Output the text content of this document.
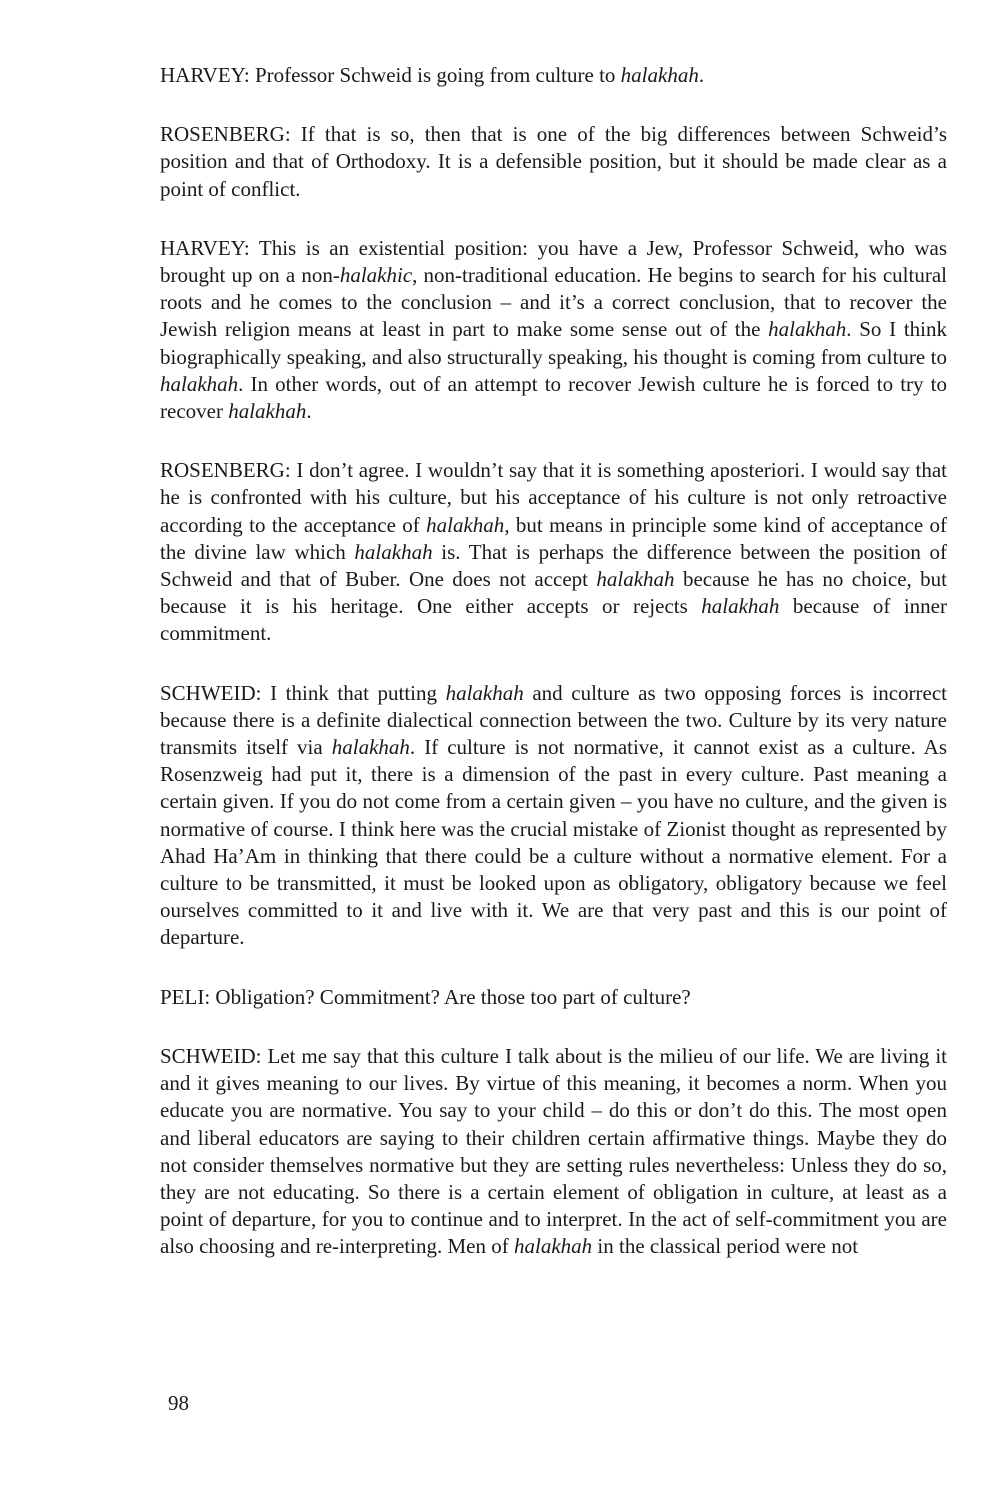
HARVEY: Professor Schweid is going from culture to halakhah.

ROSENBERG: If that is so, then that is one of the big differences between Schweid’s position and that of Orthodoxy. It is a defensible position, but it should be made clear as a point of conflict.

HARVEY: This is an existential position: you have a Jew, Professor Schweid, who was brought up on a non-halakhic, non-traditional education. He begins to search for his cultural roots and he comes to the conclusion – and it’s a correct conclusion, that to recover the Jewish religion means at least in part to make some sense out of the halakhah. So I think biographically speaking, and also structurally speaking, his thought is coming from culture to halakhah. In other words, out of an attempt to recover Jewish culture he is forced to try to recover halakhah.

ROSENBERG: I don’t agree. I wouldn’t say that it is something aposteriori. I would say that he is confronted with his culture, but his acceptance of his culture is not only retroactive according to the acceptance of halakhah, but means in principle some kind of acceptance of the divine law which halakhah is. That is perhaps the difference between the position of Schweid and that of Buber. One does not accept halakhah because he has no choice, but because it is his heritage. One either accepts or rejects halakhah because of inner commitment.

SCHWEID: I think that putting halakhah and culture as two opposing forces is incorrect because there is a definite dialectical connection between the two. Culture by its very nature transmits itself via halakhah. If culture is not normative, it cannot exist as a culture. As Rosenzweig had put it, there is a dimension of the past in every culture. Past meaning a certain given. If you do not come from a certain given – you have no culture, and the given is normative of course. I think here was the crucial mistake of Zionist thought as represented by Ahad Ha’Am in thinking that there could be a culture without a normative element. For a culture to be transmitted, it must be looked upon as obligatory, obligatory because we feel ourselves committed to it and live with it. We are that very past and this is our point of departure.

PELI: Obligation? Commitment? Are those too part of culture?

SCHWEID: Let me say that this culture I talk about is the milieu of our life. We are living it and it gives meaning to our lives. By virtue of this meaning, it becomes a norm. When you educate you are normative. You say to your child – do this or don’t do this. The most open and liberal educators are saying to their children certain affirmative things. Maybe they do not consider themselves normative but they are setting rules nevertheless: Unless they do so, they are not educating. So there is a certain element of obligation in culture, at least as a point of departure, for you to continue and to interpret. In the act of self-commitment you are also choosing and re-interpreting. Men of halakhah in the classical period were not

98
